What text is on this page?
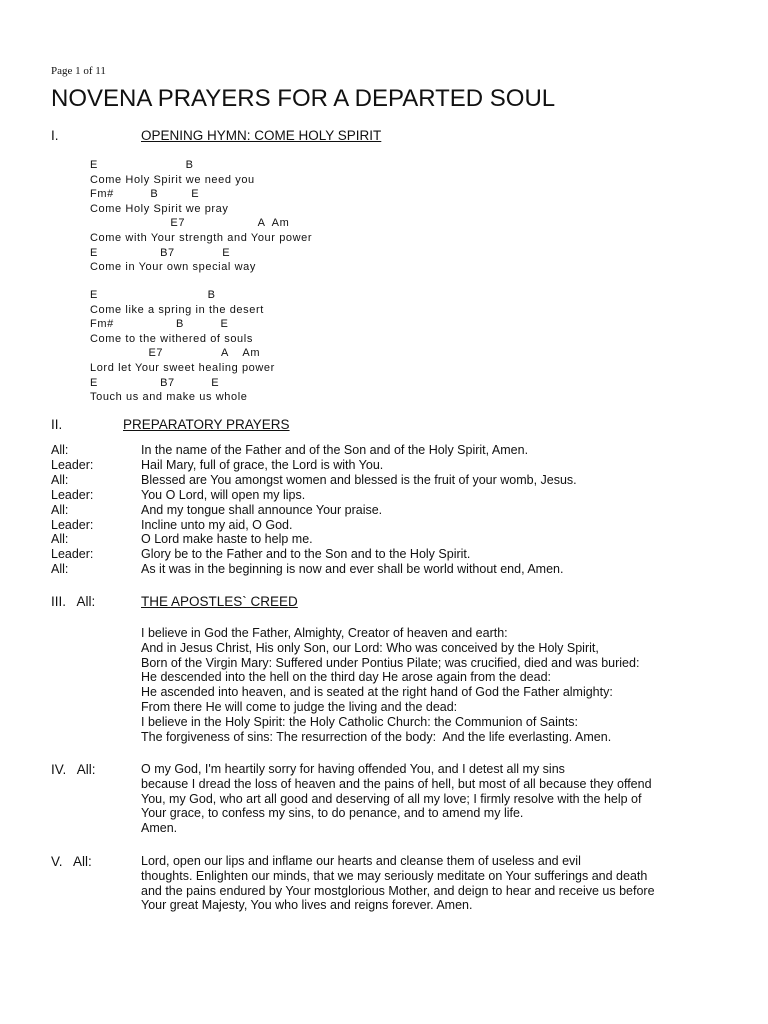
Page 1 of 11
NOVENA PRAYERS FOR A DEPARTED SOUL
I.	OPENING HYMN: COME HOLY SPIRIT
E                        B
Come Holy Spirit we need you
Fm#          B         E
Come Holy Spirit we pray
E7                    A  Am
Come with Your strength and Your power
E                 B7             E
Come in Your own special way
E                              B
Come like a spring in the desert
Fm#                 B          E
Come to the withered of souls
E7                A    Am
Lord let Your sweet healing power
E                 B7          E
Touch us and make us whole
II.	PREPARATORY PRAYERS
All:	In the name of the Father and of the Son and of the Holy Spirit, Amen.
Leader:	Hail Mary, full of grace, the Lord is with You.
All:	Blessed are You amongst women and blessed is the fruit of your womb, Jesus.
Leader:	You O Lord, will open my lips.
All:	And my tongue shall announce Your praise.
Leader:	Incline unto my aid, O God.
All:	O Lord make haste to help me.
Leader:	Glory be to the Father and to the Son and to the Holy Spirit.
All:	As it was in the beginning is now and ever shall be world without end, Amen.
III.   All:	THE APOSTLES` CREED
I believe in God the Father, Almighty, Creator of heaven and earth:
And in Jesus Christ, His only Son, our Lord: Who was conceived by the Holy Spirit,
Born of the Virgin Mary: Suffered under Pontius Pilate; was crucified, died and was buried:
He descended into the hell on the third day He arose again from the dead:
He ascended into heaven, and is seated at the right hand of God the Father almighty:
From there He will come to judge the living and the dead:
I believe in the Holy Spirit: the Holy Catholic Church: the Communion of Saints:
The forgiveness of sins: The resurrection of the body:  And the life everlasting. Amen.
IV.   All:	O my God, I'm heartily sorry for having offended You, and I detest all my sins
because I dread the loss of heaven and the pains of hell, but most of all because they offend
You, my God, who art all good and deserving of all my love; I firmly resolve with the help of
Your grace, to confess my sins, to do penance, and to amend my life.
Amen.
V.   All:	Lord, open our lips and inflame our hearts and cleanse them of useless and evil
thoughts. Enlighten our minds, that we may seriously meditate on Your sufferings and death
and the pains endured by Your mostglorious Mother, and deign to hear and receive us before
Your great Majesty, You who lives and reigns forever. Amen.
